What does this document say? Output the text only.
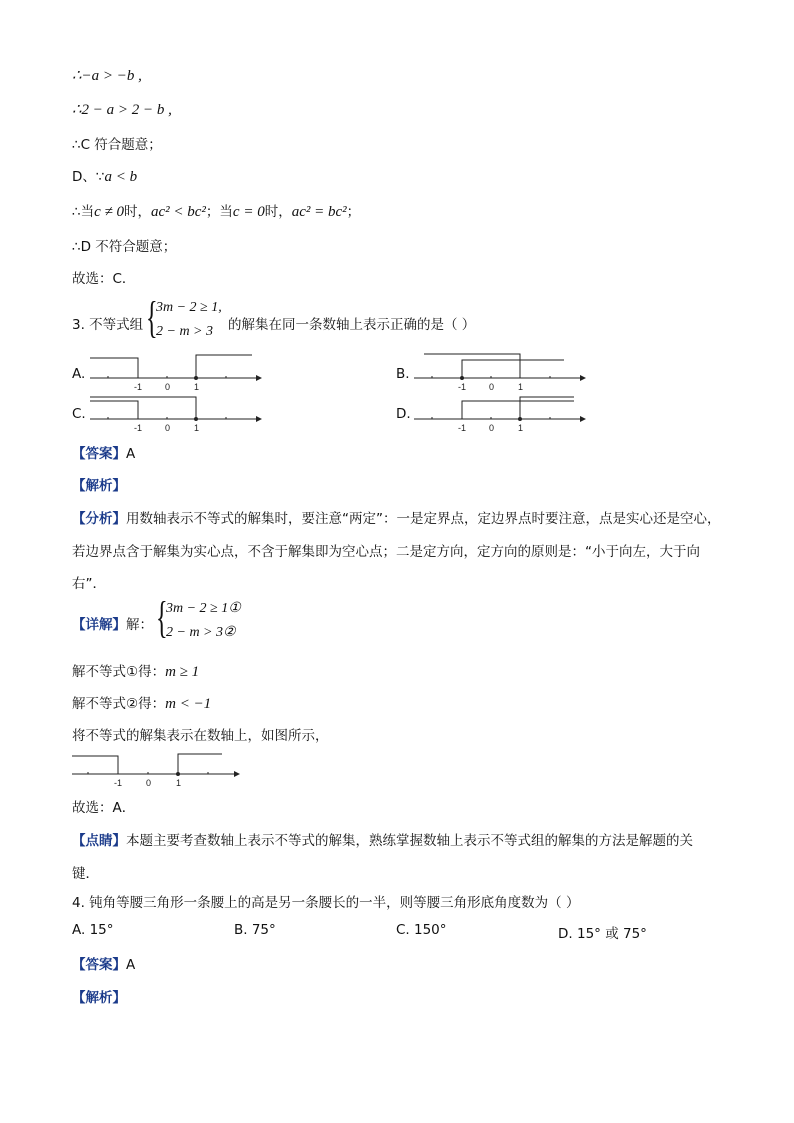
∴−a > −b ,
∴2 − a > 2 − b ,
∴C 符合题意；
D、∵a < b
∴当c ≠ 0时，ac² < bc²；当c = 0时，ac² = bc²；
∴D 不符合题意；
故选：C．
3. 不等式组 {
3m − 2 ≥ 1,
2 − m > 3 的解集在同一条数轴上表示正确的是（ ）
A.
-1	0	1
B.
-1	0	1
C.
-1	0	1
D.
-1	0	1
【答案】A
【解析】
【分析】用数轴表示不等式的解集时，要注意“两定”：一是定界点，定边界点时要注意，点是实心还是空心，
若边界点含于解集为实心点，不含于解集即为空心点；二是定方向，定方向的原则是：“小于向左，大于向
右”．
【详解】解： {
3m − 2 ≥ 1①
2 − m > 3②
解不等式①得：m ≥ 1
解不等式②得：m < −1
将不等式的解集表示在数轴上，如图所示，
-1	0	1
故选：A．
【点睛】本题主要考查数轴上表示不等式的解集，熟练掌握数轴上表示不等式组的解集的方法是解题的关
键．
4. 钝角等腰三角形一条腰上的高是另一条腰长的一半，则等腰三角形底角度数为（ ）
A. 15°	B. 75°	C. 150°	D. 15° 或 75°
【答案】A
【解析】
